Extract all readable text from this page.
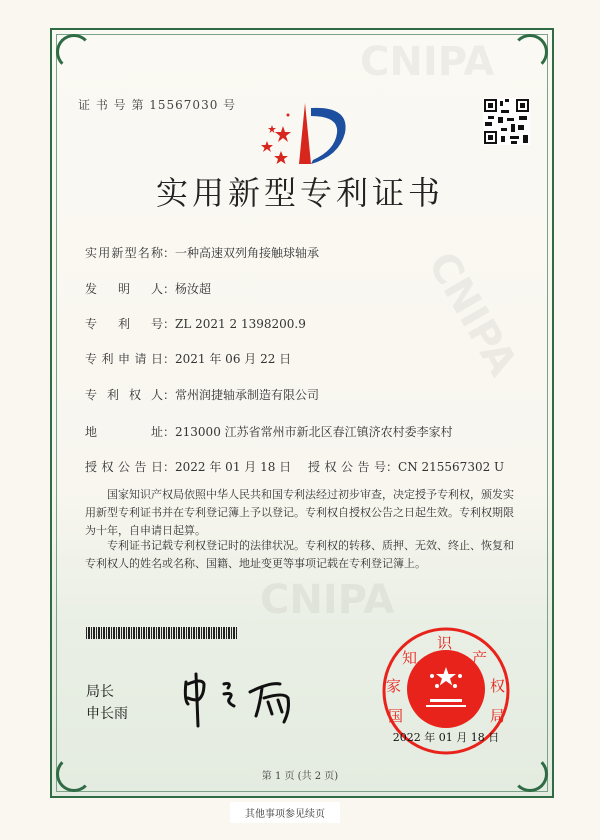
CNIPA
CNIPA
CNIPA
证 书 号 第 15567030 号
实用新型专利证书
实用新型名称：一种高速双列角接触球轴承
发明人：杨汝超
专利号：ZL 2021 2 1398200.9
专利申请日：2021 年 06 月 22 日
专利权人：常州润捷轴承制造有限公司
地址：213000 江苏省常州市新北区春江镇济农村委李家村
授权公告日：2022 年 01 月 18 日 授权公告号：CN 215567302 U
国家知识产权局依照中华人民共和国专利法经过初步审查，决定授予专利权，颁发实用新型专利证书并在专利登记簿上予以登记。专利权自授权公告之日起生效。专利权期限为十年，自申请日起算。
专利证书记载专利权登记时的法律状况。专利权的转移、质押、无效、终止、恢复和专利权人的姓名或名称、国籍、地址变更等事项记载在专利登记簿上。
局长
申长雨	国
家
知
识
产
权
局
2022 年 01 月 18 日
第 1 页 (共 2 页)
其他事项参见续页
